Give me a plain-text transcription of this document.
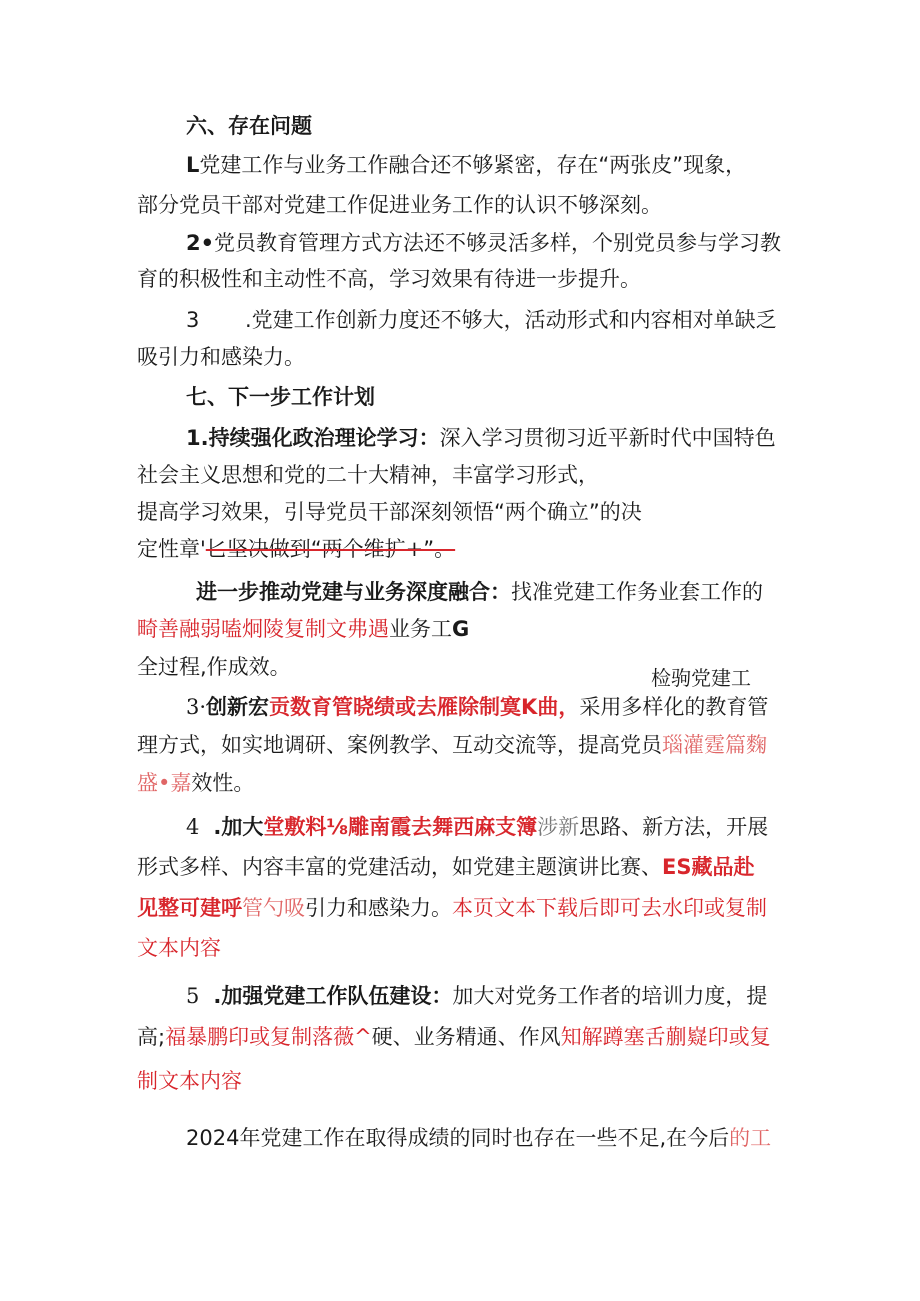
六、存在问题
L党建工作与业务工作融合还不够紧密，存在“两张皮”现象，
部分党员干部对党建工作促进业务工作的认识不够深刻。
2•党员教育管理方式方法还不够灵活多样，个别党员参与学习教
育的积极性和主动性不高，学习效果有待进一步提升。
3 .党建工作创新力度还不够大，活动形式和内容相对单缺乏
吸引力和感染力。
七、下一步工作计划
1.持续强化政治理论学习：深入学习贯彻习近平新时代中国特色
社会主义思想和党的二十大精神，丰富学习形式，
提高学习效果，引导党员干部深刻领悟“两个确立”的决
定性章'匕坚决做到“两个维扩+”。
进一步推动党建与业务深度融合：找准党建工作务业套工作的
畸善融弱嗑炯陵复制文弗遇业务工G
全过程,作成效。	检驹党建工
3·创新宏贡数育管晓绩或去雁除制寞K曲，采用多样化的教育管
理方式，如实地调研、案例教学、互动交流等，提高党员瑙灌霆篇麴
盛•嘉效性。
4 .加大堂敷料⅛雕南霞去舞西麻支簿涉新思路、新方法，开展
形式多样、内容丰富的党建活动，如党建主题演讲比赛、ES藏品赴
见整可建呼管勺吸引力和感染力。本页文本下载后即可去水印或复制
文本内容
5 .加强党建工作队伍建设：加大对党务工作者的培训力度，提
高;福暴鹏印或复制落薇^硬、业务精通、作风知解蹲塞舌蒯嶷印或复
制文本内容
2024年党建工作在取得成绩的同时也存在一些不足,在今后的工
